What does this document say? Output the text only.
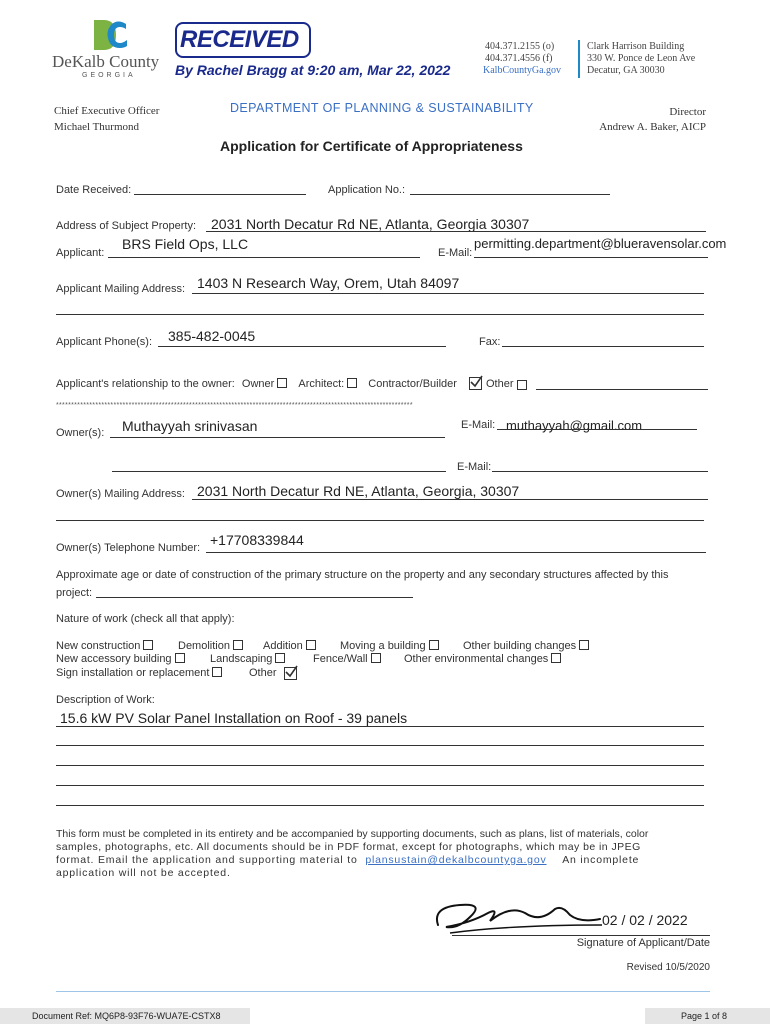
DeKalb County
GEORGIA
RECEIVED
By Rachel Bragg at 9:20 am, Mar 22, 2022
404.371.2155 (o)
404.371.4556 (f)
KalbCountyGa.gov
Clark Harrison Building
330 W. Ponce de Leon Ave
Decatur, GA 30030
Chief Executive Officer
Michael Thurmond
DEPARTMENT OF PLANNING & SUSTAINABILITY	Director
Andrew A. Baker, AICP
Application for Certificate of Appropriateness
Date Received:	Application No.:
Address of Subject Property: 2031 North Decatur Rd NE, Atlanta, Georgia 30307
Applicant:
BRS Field Ops, LLC
E-Mail:
permitting.department@blueravensolar.com
Applicant Mailing Address: 1403 N Research Way, Orem, Utah 84097
Applicant Phone(s): 385-482-0045	Fax:
Applicant's relationship to the owner: Owner Architect: Contractor/Builder	Other
**********************************************************************************************************************
Owner(s): Muthayyah srinivasan	E-Mail: muthayyah@gmail.com
E-Mail:
Owner(s) Mailing Address: 2031 North Decatur Rd NE, Atlanta, Georgia, 30307
Owner(s) Telephone Number: +17708339844
Approximate age or date of construction of the primary structure on the property and any secondary structures affected by this
project:
Nature of work (check all that apply):
New construction	Demolition	Addition	Moving a building	Other building changes
New accessory building	Landscaping	Fence/Wall	Other environmental changes
Sign installation or replacement	Other
Description of Work:
15.6 kW PV Solar Panel Installation on Roof - 39 panels
This form must be completed in its entirety and be accompanied by supporting documents, such as plans, list of materials, color
samples, photographs, etc. All documents should be in PDF format, except for photographs, which may be in JPEG
format. Email the application and supporting material to plansustain@dekalbcountyga.gov An incomplete
application will not be accepted.
02 / 02 / 2022
Signature of Applicant/Date
Revised 10/5/2020
Document Ref: MQ6P8-93F76-WUA7E-CSTX8	Page 1 of 8
